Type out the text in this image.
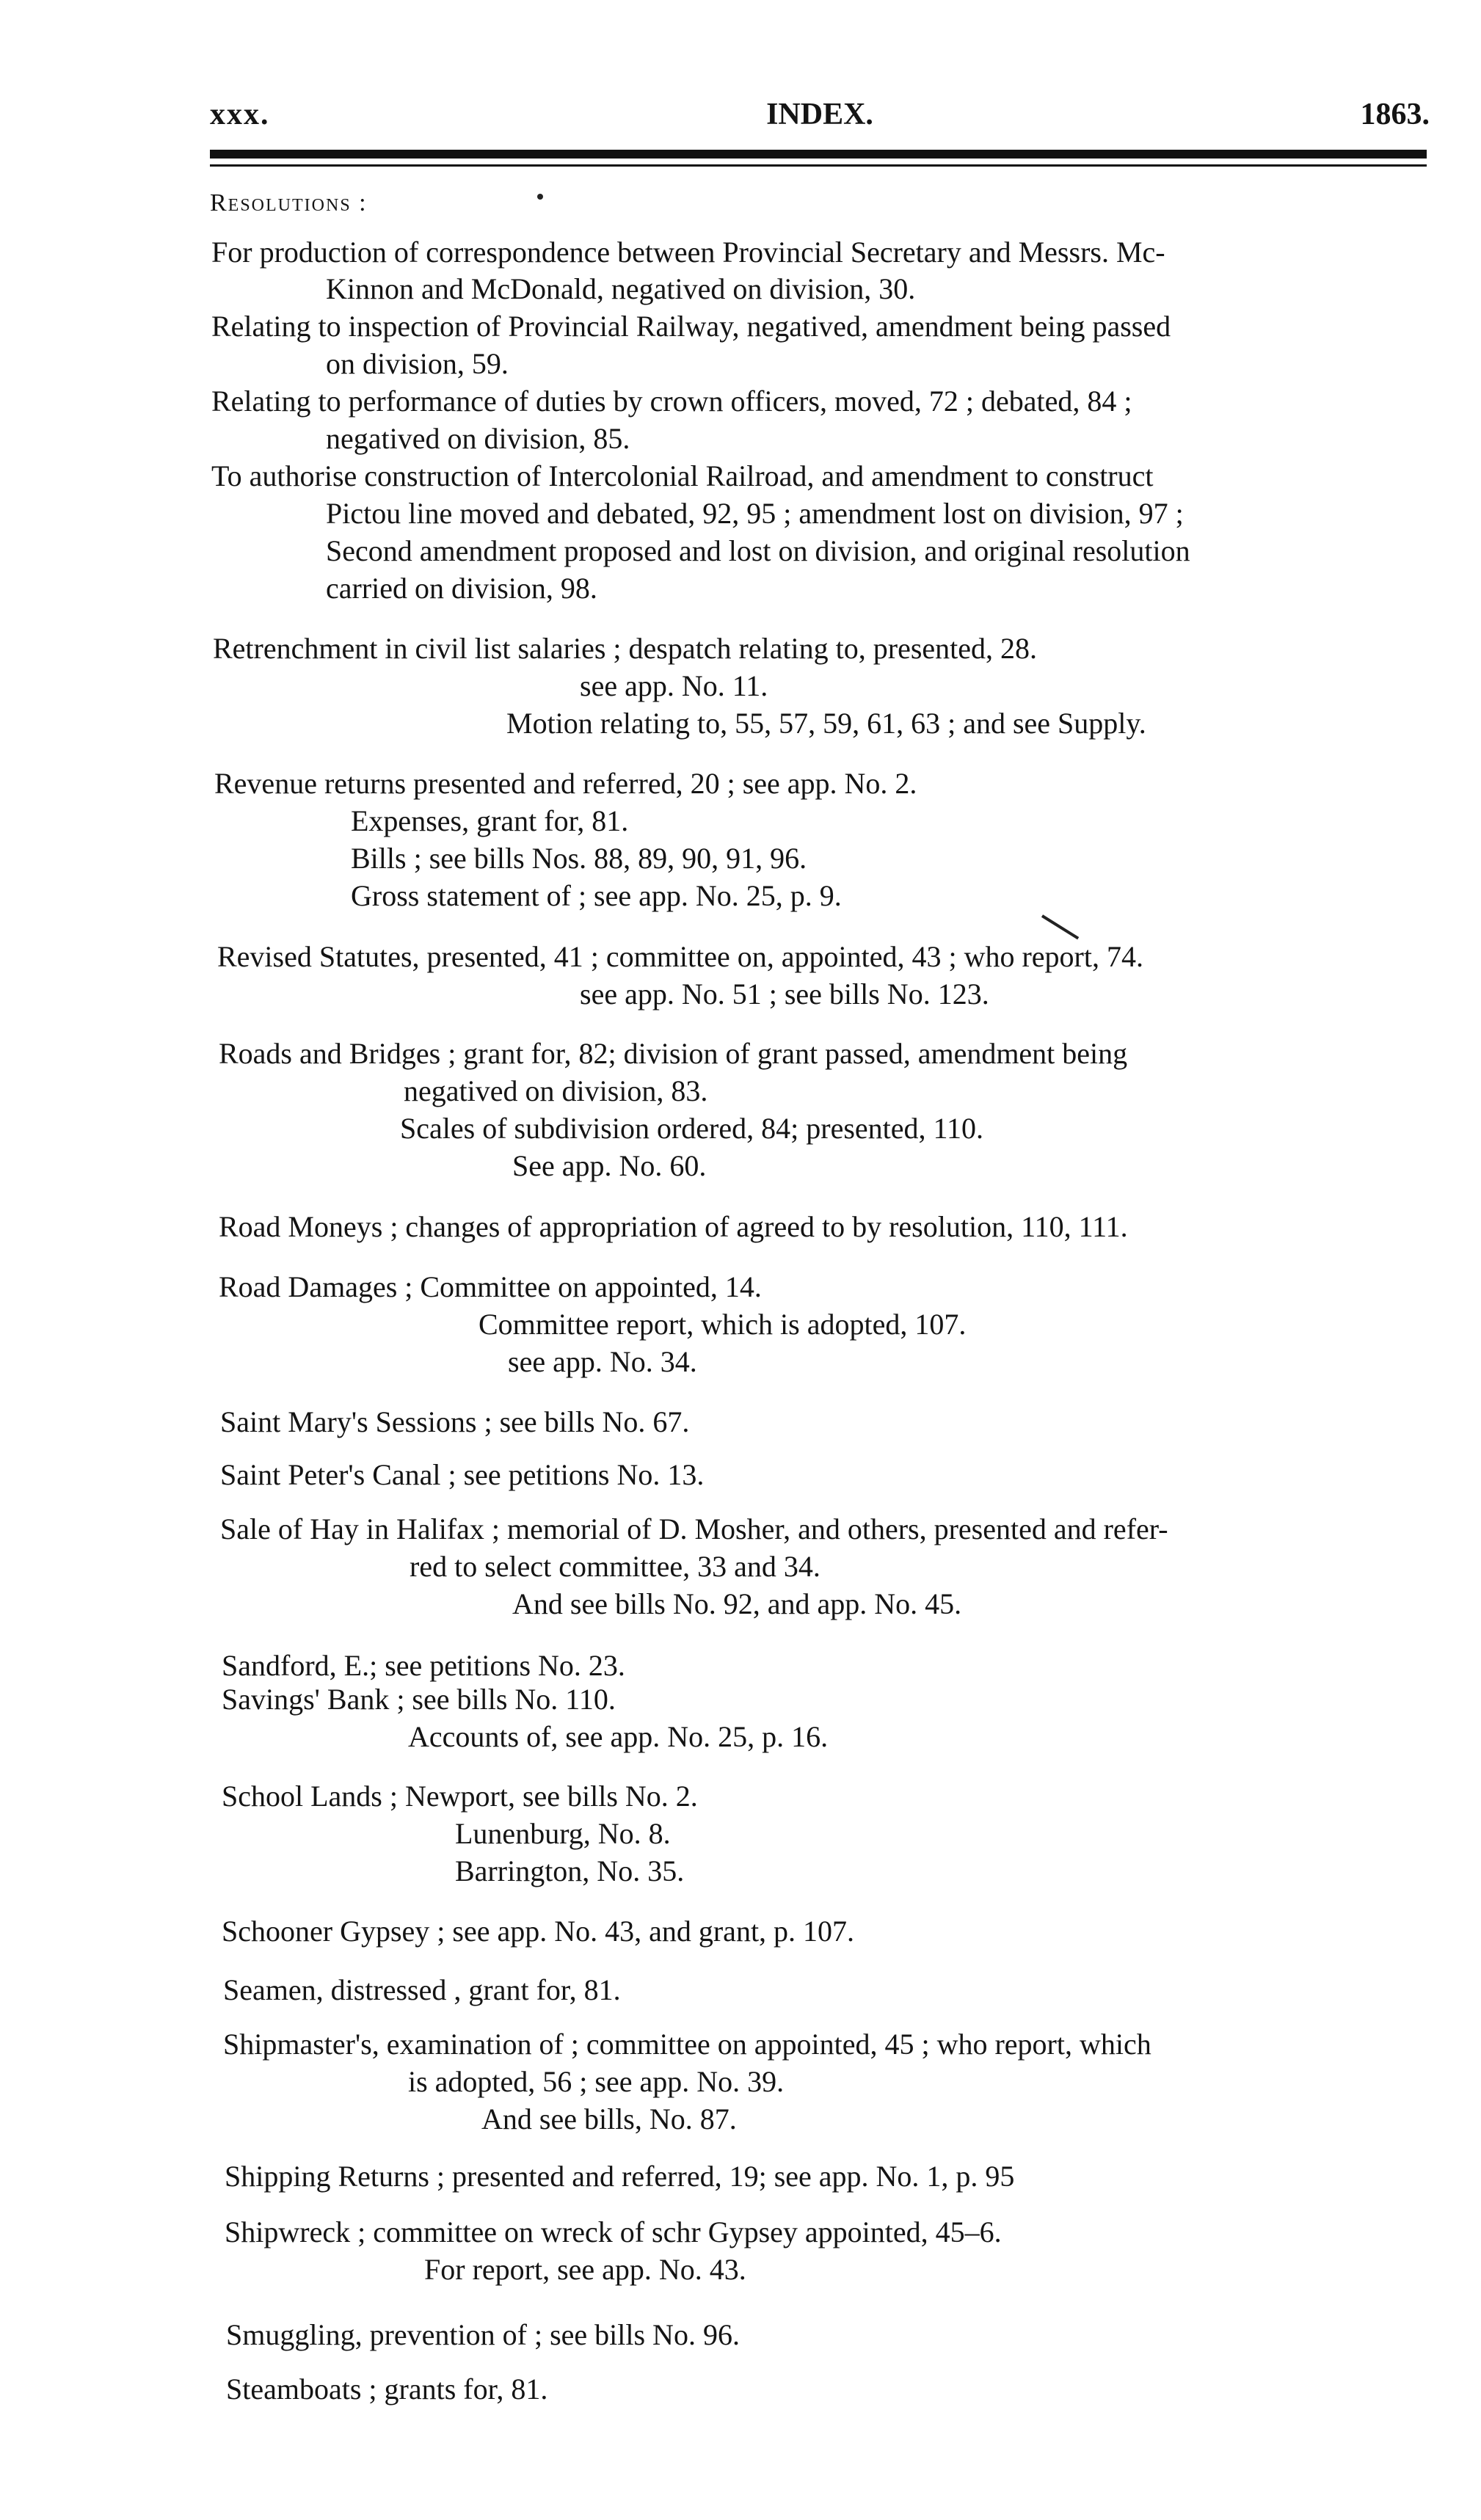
xxx.	INDEX.	1863.
Resolutions :
For production of correspondence between Provincial Secretary and Messrs. Mc-
Kinnon and McDonald, negatived on division, 30.
Relating to inspection of Provincial Railway, negatived, amendment being passed
on division, 59.
Relating to performance of duties by crown officers, moved, 72 ; debated, 84 ;
negatived on division, 85.
To authorise construction of Intercolonial Railroad, and amendment to construct
Pictou line moved and debated, 92, 95 ; amendment lost on division, 97 ;
Second amendment proposed and lost on division, and original resolution
carried on division, 98.
Retrenchment in civil list salaries ; despatch relating to, presented, 28.
see app. No. 11.
Motion relating to, 55, 57, 59, 61, 63 ; and see Supply.
Revenue returns presented and referred, 20 ; see app. No. 2.
Expenses, grant for, 81.
Bills ; see bills Nos. 88, 89, 90, 91, 96.
Gross statement of ; see app. No. 25, p. 9.
Revised Statutes, presented, 41 ; committee on, appointed, 43 ; who report, 74.
see app. No. 51 ; see bills No. 123.
Roads and Bridges ; grant for, 82; division of grant passed, amendment being
negatived on division, 83.
Scales of subdivision ordered, 84; presented, 110.
See app. No. 60.
Road Moneys ; changes of appropriation of agreed to by resolution, 110, 111.
Road Damages ; Committee on appointed, 14.
Committee report, which is adopted, 107.
see app. No. 34.
Saint Mary's Sessions ; see bills No. 67.
Saint Peter's Canal ; see petitions No. 13.
Sale of Hay in Halifax ; memorial of D. Mosher, and others, presented and refer-
red to select committee, 33 and 34.
And see bills No. 92, and app. No. 45.
Sandford, E.; see petitions No. 23.
Savings' Bank ; see bills No. 110.
Accounts of, see app. No. 25, p. 16.
School Lands ; Newport, see bills No. 2.
Lunenburg, No. 8.
Barrington, No. 35.
Schooner Gypsey ; see app. No. 43, and grant, p. 107.
Seamen, distressed , grant for, 81.
Shipmaster's, examination of ; committee on appointed, 45 ; who report, which
is adopted, 56 ; see app. No. 39.
And see bills, No. 87.
Shipping Returns ; presented and referred, 19; see app. No. 1, p. 95
Shipwreck ; committee on wreck of schr Gypsey appointed, 45–6.
For report, see app. No. 43.
Smuggling, prevention of ; see bills No. 96.
Steamboats ; grants for, 81.
